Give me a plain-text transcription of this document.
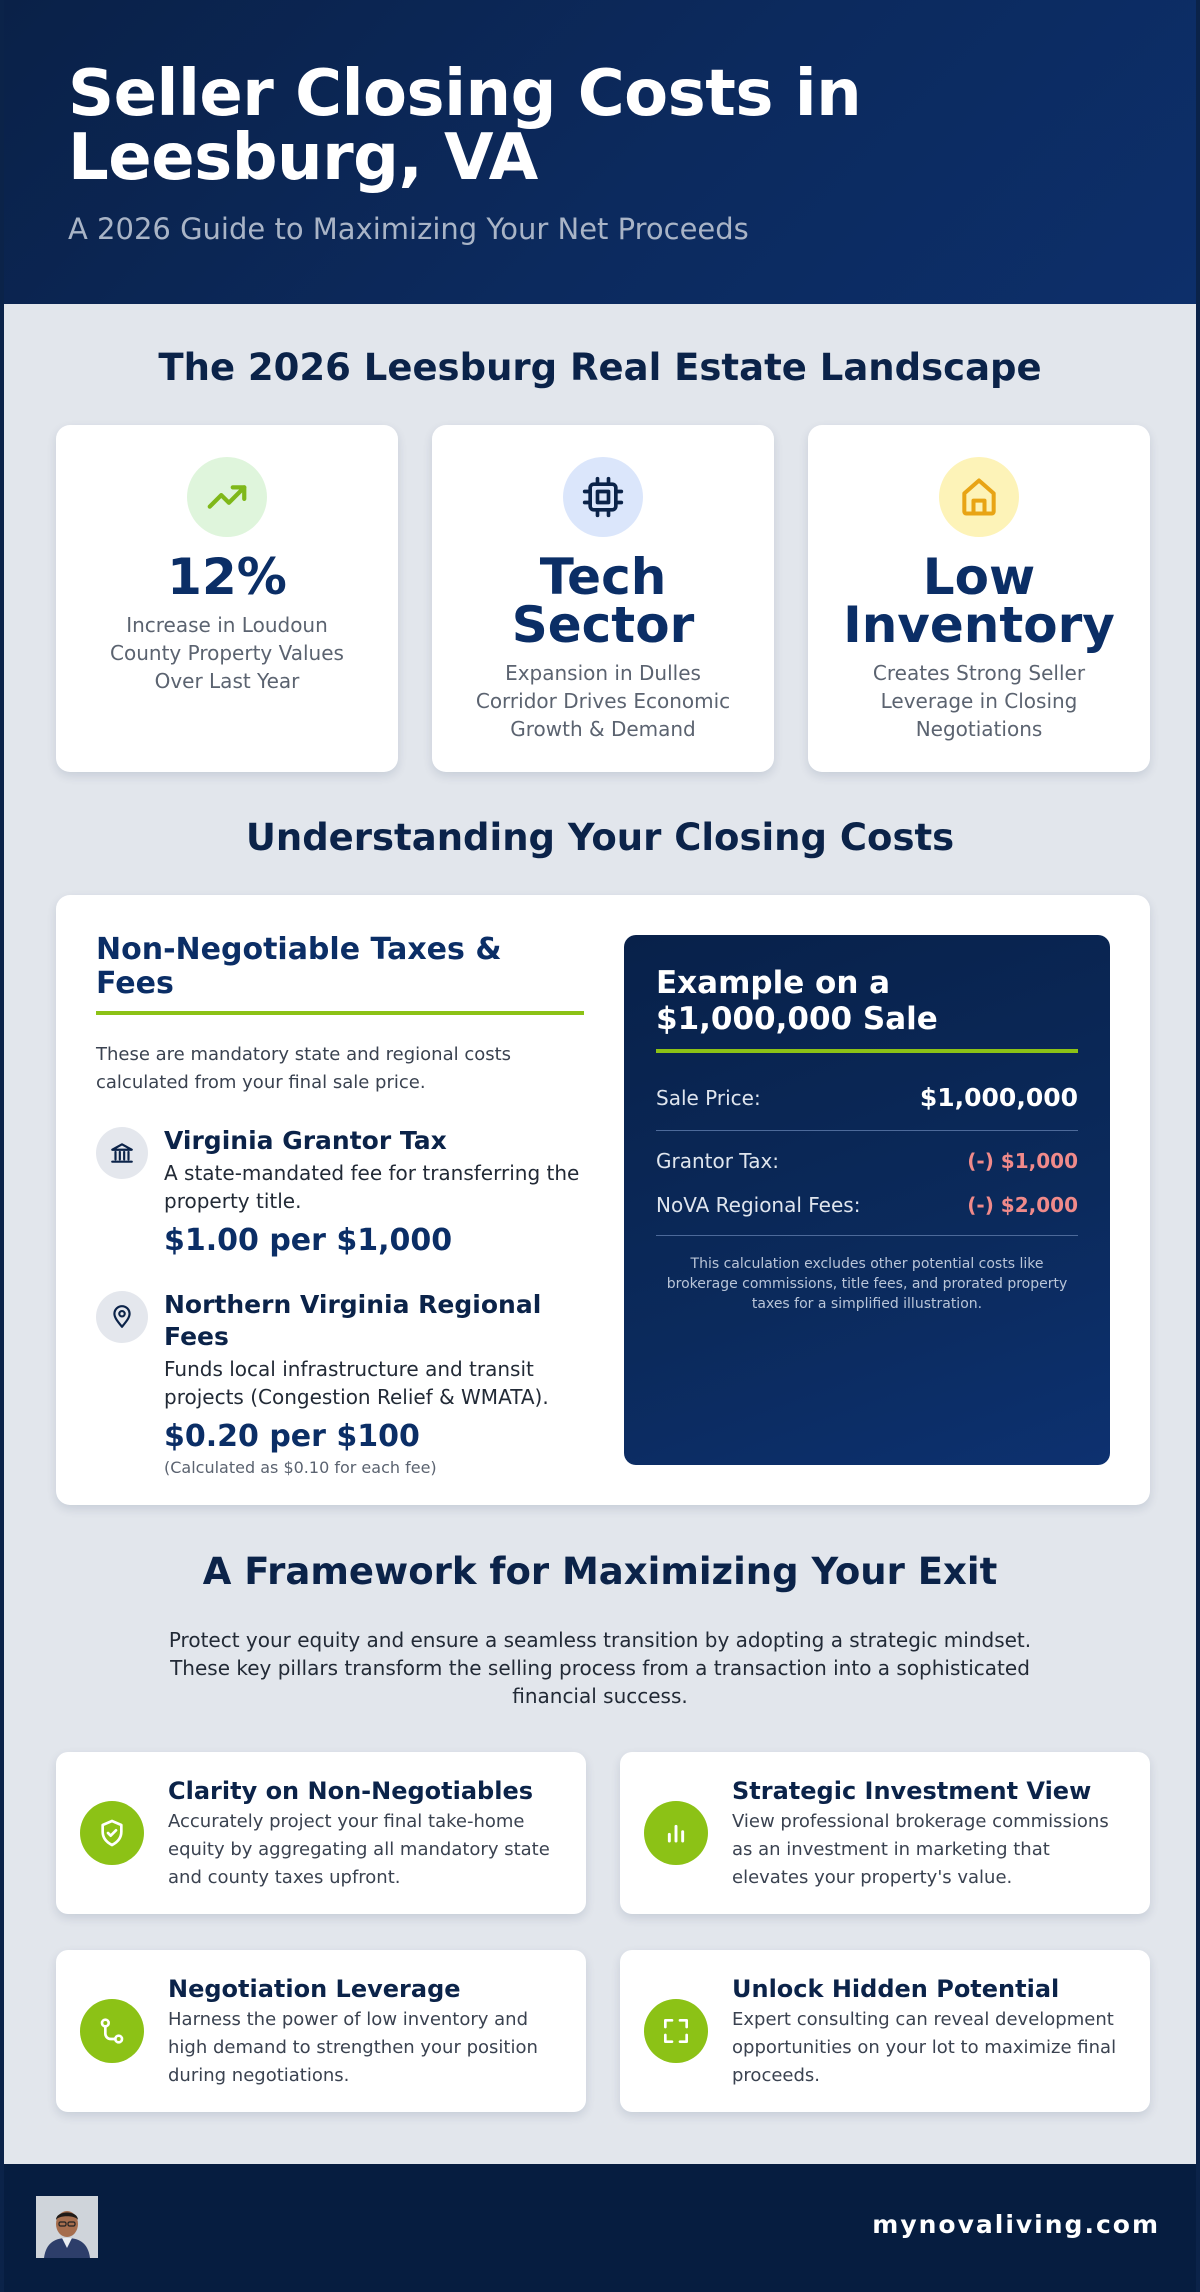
Seller Closing Costs in Leesburg, VA
A 2026 Guide to Maximizing Your Net Proceeds
The 2026 Leesburg Real Estate Landscape
12%
Increase in Loudoun County Property Values Over Last Year
Tech Sector
Expansion in Dulles Corridor Drives Economic Growth & Demand
Low Inventory
Creates Strong Seller Leverage in Closing Negotiations
Understanding Your Closing Costs
Non-Negotiable Taxes & Fees
These are mandatory state and regional costs calculated from your final sale price.
Virginia Grantor Tax
A state-mandated fee for transferring the property title.
$1.00 per $1,000
Northern Virginia Regional Fees
Funds local infrastructure and transit projects (Congestion Relief & WMATA).
$0.20 per $100
(Calculated as $0.10 for each fee)
Example on a $1,000,000 Sale
Sale Price:	$1,000,000
Grantor Tax:	(-) $1,000
NoVA Regional Fees:	(-) $2,000
This calculation excludes other potential costs like brokerage commissions, title fees, and prorated property taxes for a simplified illustration.
A Framework for Maximizing Your Exit
Protect your equity and ensure a seamless transition by adopting a strategic mindset. These key pillars transform the selling process from a transaction into a sophisticated financial success.
Clarity on Non-Negotiables
Accurately project your final take-home equity by aggregating all mandatory state and county taxes upfront.
Strategic Investment View
View professional brokerage commissions as an investment in marketing that elevates your property's value.
Negotiation Leverage
Harness the power of low inventory and high demand to strengthen your position during negotiations.
Unlock Hidden Potential
Expert consulting can reveal development opportunities on your lot to maximize final proceeds.
mynovaliving.com
